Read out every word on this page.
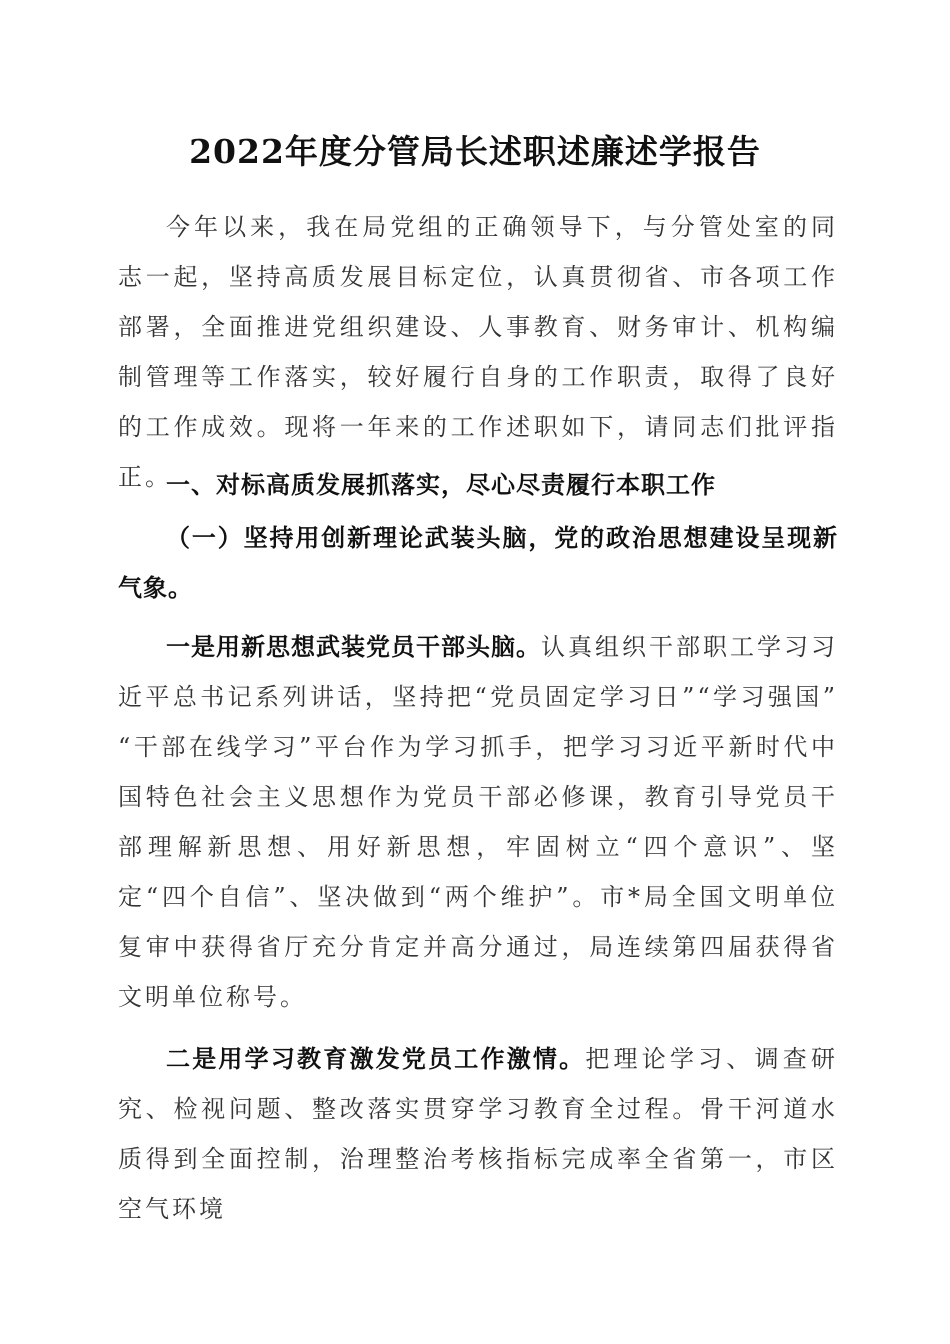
2022年度分管局长述职述廉述学报告

今年以来，我在局党组的正确领导下，与分管处室的同志一起，坚持高质发展目标定位，认真贯彻省、市各项工作部署，全面推进党组织建设、人事教育、财务审计、机构编制管理等工作落实，较好履行自身的工作职责，取得了良好的工作成效。现将一年来的工作述职如下，请同志们批评指正。

一、对标高质发展抓落实，尽心尽责履行本职工作

（一）坚持用创新理论武装头脑，党的政治思想建设呈现新气象。

一是用新思想武装党员干部头脑。认真组织干部职工学习习近平总书记系列讲话，坚持把“党员固定学习日”“学习强国” “干部在线学习”平台作为学习抓手，把学习习近平新时代中国特色社会主义思想作为党员干部必修课，教育引导党员干部理解新思想、用好新思想，牢固树立“四个意识”、坚定“四个自信”、坚决做到“两个维护”。市*局全国文明单位复审中获得省厅充分肯定并高分通过，局连续第四届获得省文明单位称号。

二是用学习教育激发党员工作激情。把理论学习、调查研究、检视问题、整改落实贯穿学习教育全过程。骨干河道水质得到全面控制，治理整治考核指标完成率全省第一，市区空气环境
